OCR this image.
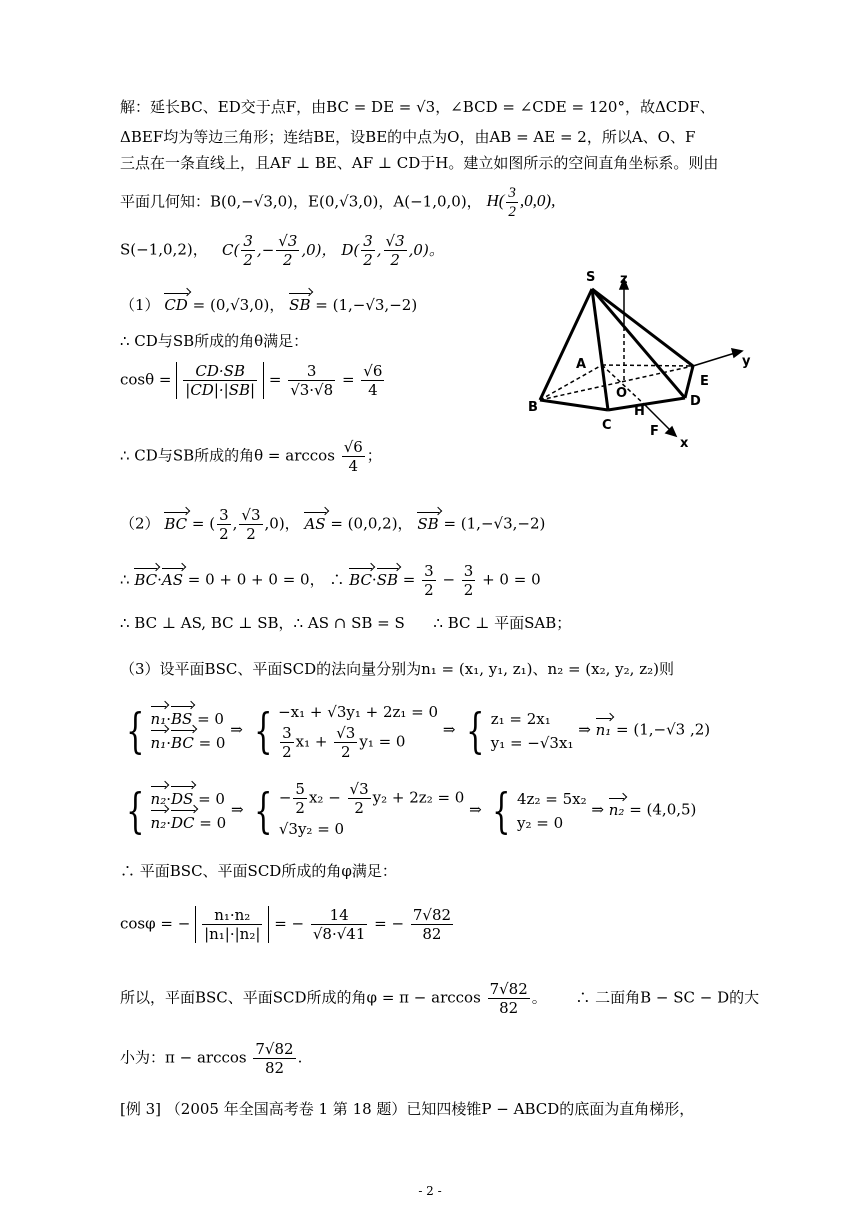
解：延长BC、ED交于点F，由BC = DE = √3，∠BCD = ∠CDE = 120°，故ΔCDF、
ΔBEF均为等边三角形；连结BE，设BE的中点为O，由AB = AE = 2，所以A、O、F
三点在一条直线上，且AF ⊥ BE、AF ⊥ CD于H。建立如图所示的空间直角坐标系。则由
平面几何知：B(0,−√3,0)，E(0,√3,0)，A(−1,0,0)， $H( \frac{3}{2} ,0,0)$,
S(−1,0,2)， $C( \frac{3}{2}$ ,− $\frac{√3}{2} ,0$)， $D( \frac{3}{2}$ , $\frac{√3}{2} ,0$)。
S z
y
A
O
E
B	D
H
C	F
x
（1） CD = (0,√3,0)， SB = (1,−√3,−2)
∴ CD与SB所成的角θ满足：
$\cos\theta = \frac{CD\cdot SB}{|CD|\cdot|SB|} = \frac{3}{√3\cdot√8} = \frac{√6}{4}$
∴ CD与SB所成的角$\theta = \arccos \frac{√6}{4}$ ；
（2） BC = ( $\frac{3}{2}$ , $\frac{√3}{2} ,0$)， AS = (0,0,2)， SB = (1,−√3,−2)
∴ BC·AS = 0 + 0 + 0 = 0， ∴ $BC\cdot SB = \frac{3}{2} - \frac{3}{2} + 0 = 0$
∴ BC ⊥ AS, BC ⊥ SB，∴ AS ∩ SB = S ∴ BC ⊥ 平面SAB；
（3）设平面BSC、平面SCD的法向量分别为n₁ = (x₁, y₁, z₁)、n₂ = (x₂, y₂, z₂)则
{ n₁·BS = 0
n₁·BC = 0
⇒ { −x₁ + √3y₁ + 2z₁ = 0
$\frac{3}{2} x_1 + \frac{√3}{2} y_1 = 0$
⇒ { z₁ = 2x₁
y₁ = −√3x₁
⇒ n₁ = (1,−√3 ,2)
{ n₂·DS = 0
n₂·DC = 0
⇒ { − $\frac{5}{2} x_2 - \frac{√3}{2} y_2 + 2z_2 = 0$
√3y₂ = 0
⇒ { 4z₂ = 5x₂
y₂ = 0
⇒ n₂ = (4,0,5)
∴ 平面BSC、平面SCD所成的角φ满足：
cosφ = − $\frac{\text{n₁·n₂}}{\text{|n₁|·|n₂|}}$ = − $\frac{14}{√8\cdot√41}$ = − $\frac{7√82}{82}$
所以，平面BSC、平面SCD所成的角$\varphi = \pi - \arccos \frac{7√82}{82}$ 。      ∴ 二面角B − SC − D的大
小为：$\pi - \arccos \frac{7√82}{82}$ .
[例 3] （2005 年全国高考卷 1 第 18 题）已知四棱锥P − ABCD的底面为直角梯形，
- 2 -
